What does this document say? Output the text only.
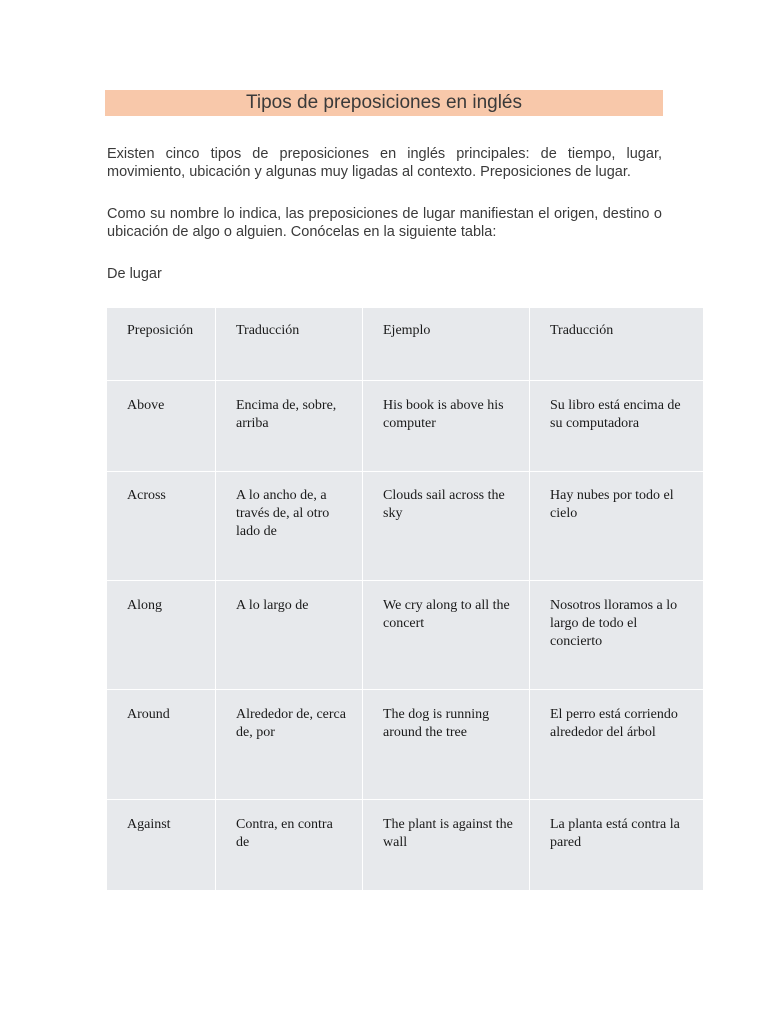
Tipos de preposiciones en inglés

Existen cinco tipos de preposiciones en inglés principales: de tiempo, lugar, movimiento, ubicación y algunas muy ligadas al contexto. Preposiciones de lugar.

Como su nombre lo indica, las preposiciones de lugar manifiestan el origen, destino o ubicación de algo o alguien. Conócelas en la siguiente tabla:

De lugar

Preposición	Traducción	Ejemplo	Traducción
Above	Encima de, sobre, arriba	His book is above his computer	Su libro está encima de su computadora
Across	A lo ancho de, a través de, al otro lado de	Clouds sail across the sky	Hay nubes por todo el cielo
Along	A lo largo de	We cry along to all the concert	Nosotros lloramos a lo largo de todo el concierto
Around	Alrededor de, cerca de, por	The dog is running around the tree	El perro está corriendo alrededor del árbol
Against	Contra, en contra de	The plant is against the wall	La planta está contra la pared
